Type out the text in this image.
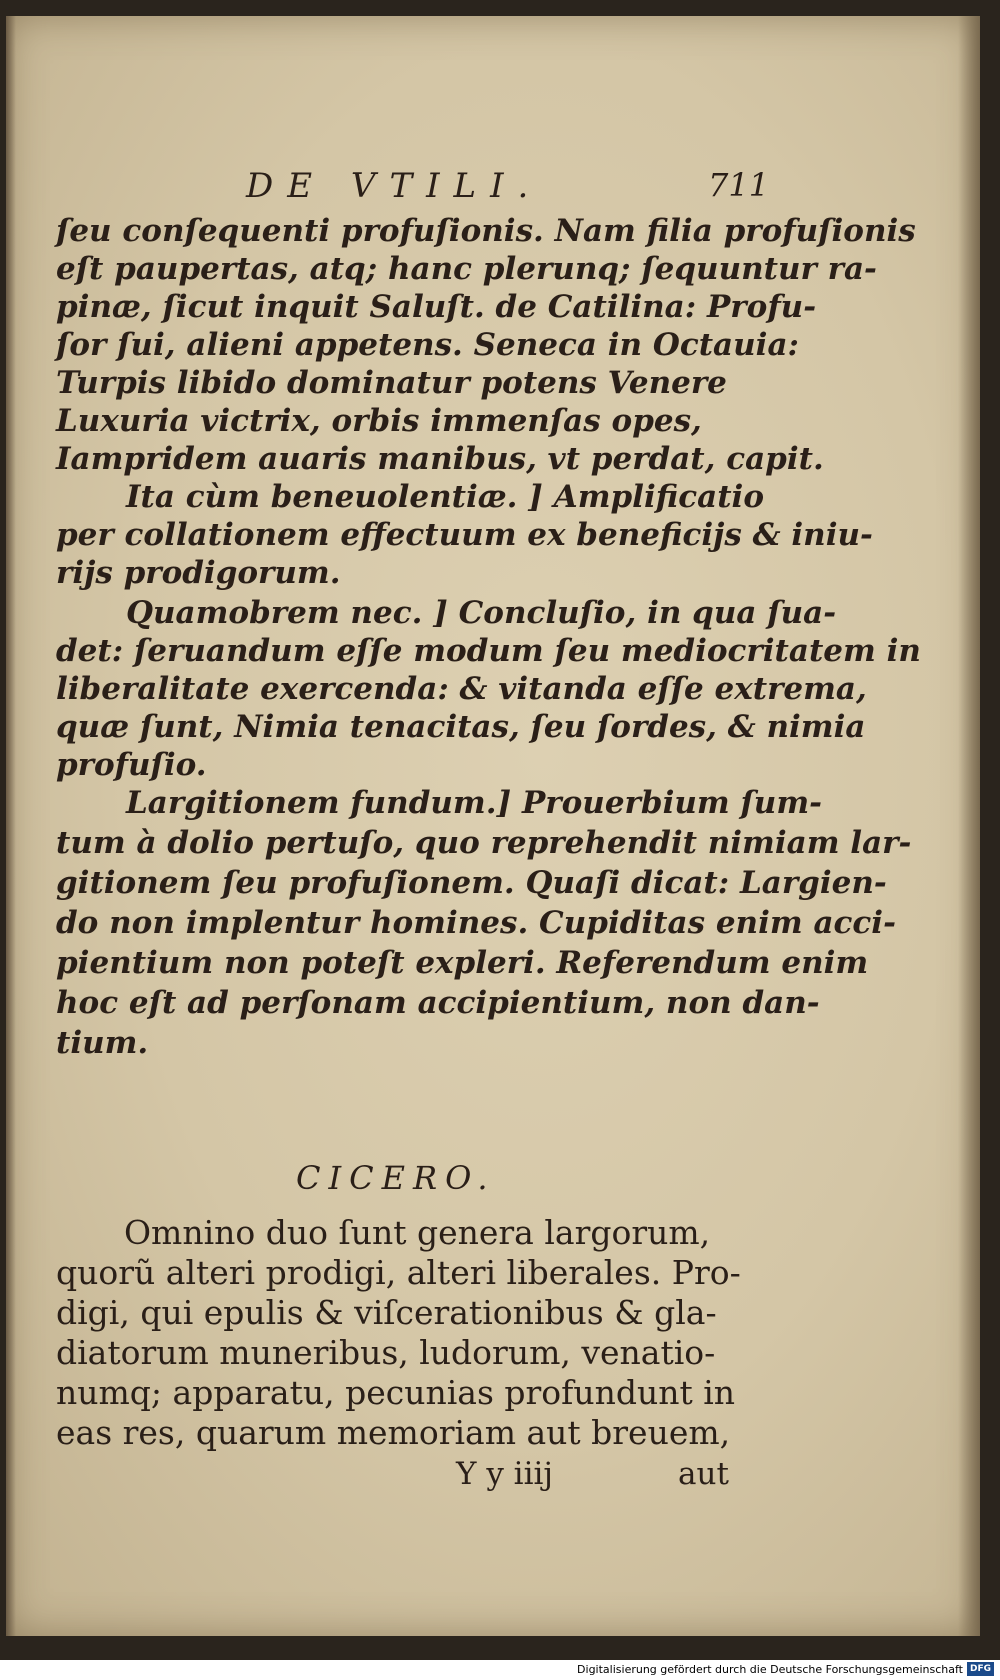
DE VTILI.	711
ſeu conſequenti profuſionis. Nam filia profuſionis
eſt paupertas, atq; hanc plerunq; ſequuntur ra-
pinæ, ſicut inquit Saluſt. de Catilina: Profu-
ſor ſui, alieni appetens. Seneca in Octauia:
Turpis libido dominatur potens Venere
Luxuria victrix, orbis immenſas opes,
Iampridem auaris manibus, vt perdat, capit.
Ita cùm beneuolentiæ. ] Amplificatio
per collationem effectuum ex beneficijs & iniu-
rijs prodigorum.
Quamobrem nec. ] Concluſio, in qua ſua-
det: ſeruandum eſſe modum ſeu mediocritatem in
liberalitate exercenda: & vitanda eſſe extrema,
quæ ſunt, Nimia tenacitas, ſeu ſordes, & nimia
profuſio.
Largitionem fundum.] Prouerbium ſum-
tum à dolio pertuſo, quo reprehendit nimiam lar-
gitionem ſeu profuſionem. Quaſi dicat: Largien-
do non implentur homines. Cupiditas enim acci-
pientium non poteſt expleri. Referendum enim
hoc eſt ad perſonam accipientium, non dan-
tium.
CICERO.
Omnino duo ſunt genera largorum,
quorũ alteri prodigi, alteri liberales. Pro-
digi, qui epulis & viſcerationibus & gla-
diatorum muneribus, ludorum, venatio-
numq; apparatu, pecunias profundunt in
eas res, quarum memoriam aut breuem,
Y y iiij	aut
Digitalisierung gefördert durch die Deutsche Forschungsgemeinschaft DFG
